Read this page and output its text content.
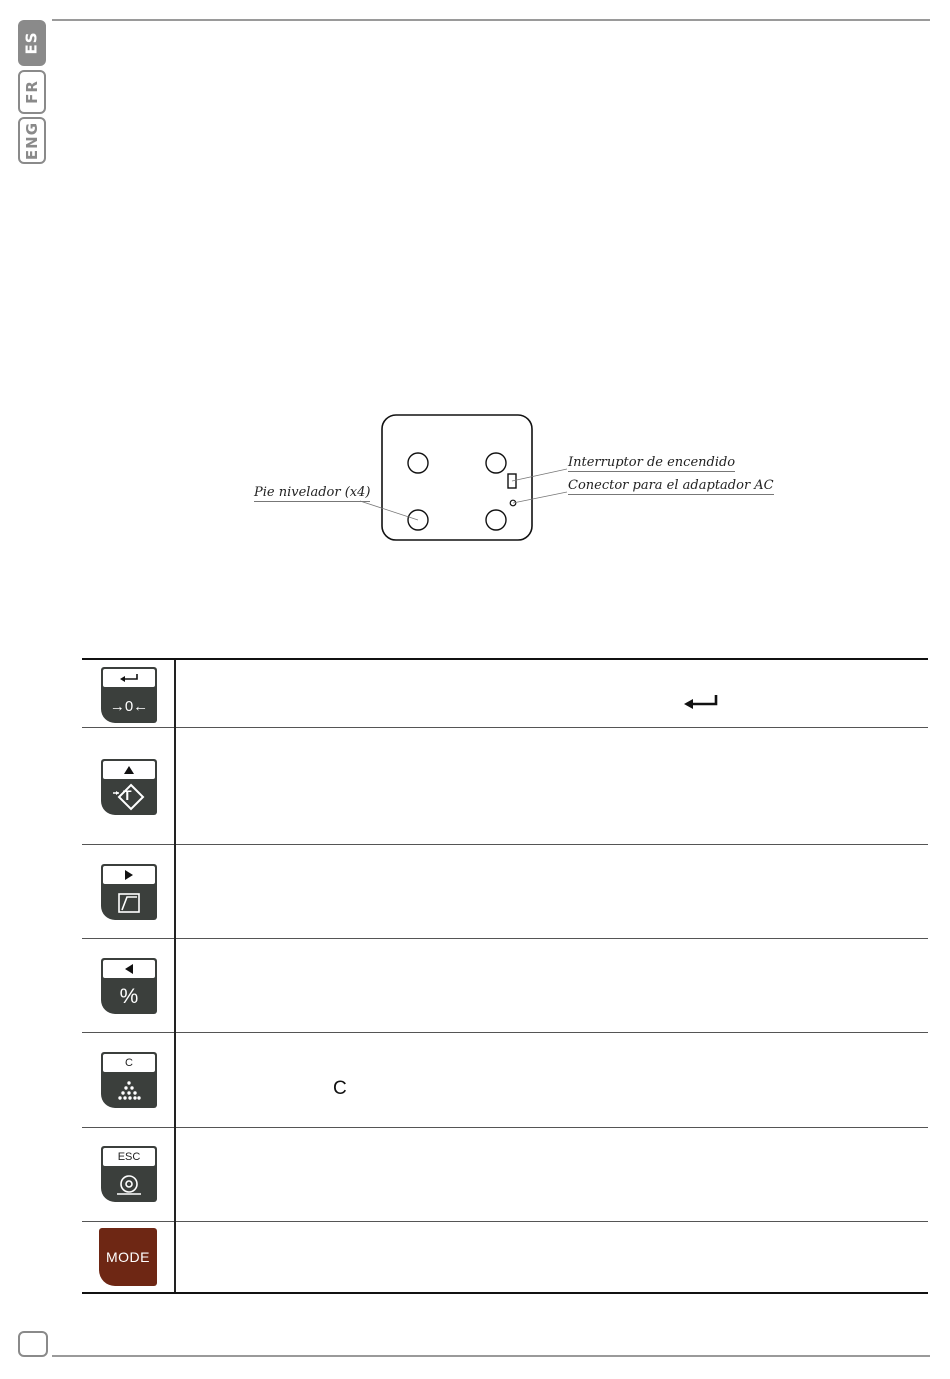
ES
FR
ENG
Pie nivelador (x4)
Interruptor de encendido
Conector para el adaptador AC
→0←
T
%
C
ESC
MODE
C
